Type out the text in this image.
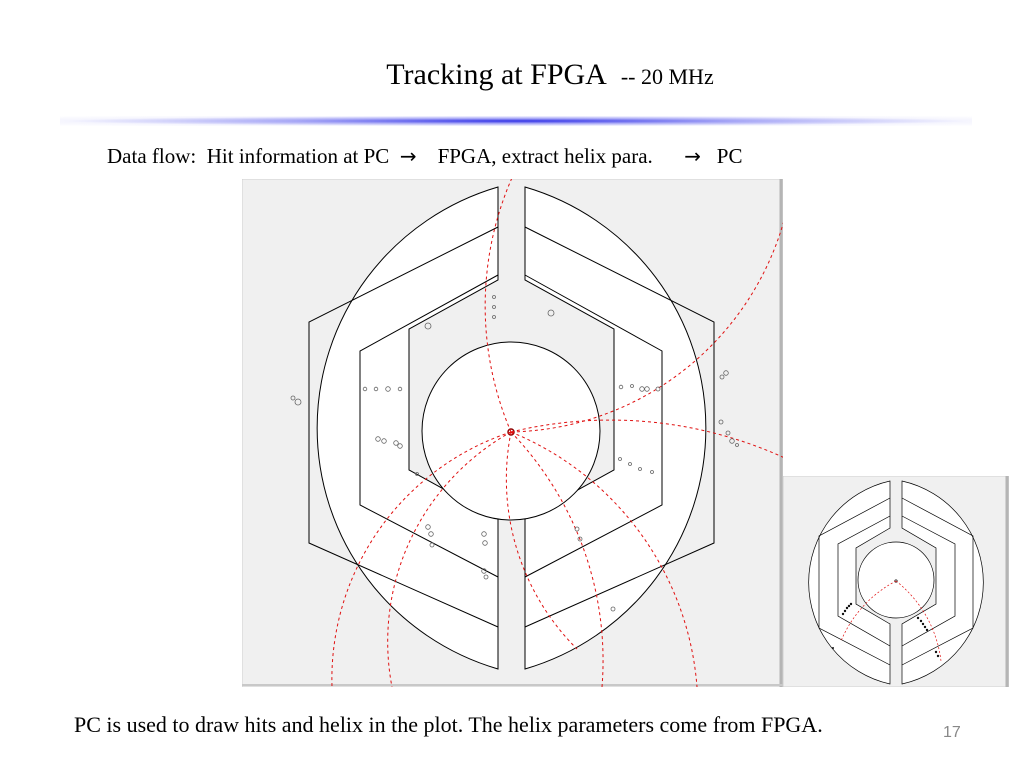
Tracking at FPGA -- 20 MHz
Data flow: Hit information at PC → FPGA, extract helix para. → PC
PC is used to draw hits and helix in the plot. The helix parameters come from FPGA.	17
